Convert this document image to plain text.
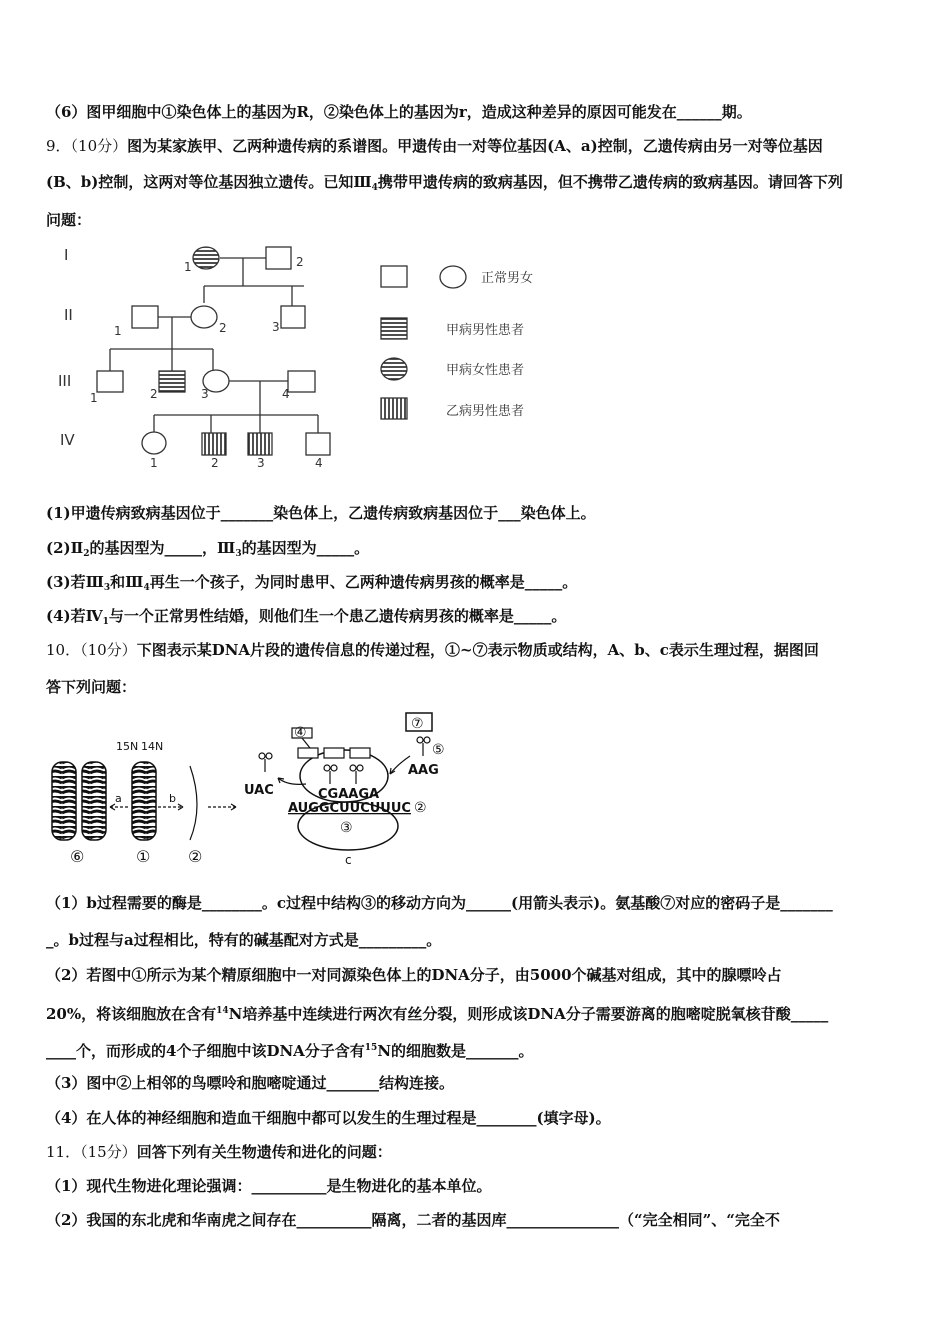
（6）图甲细胞中①染色体上的基因为R，②染色体上的基因为r，造成这种差异的原因可能发在______期。
9．（10分）图为某家族甲、乙两种遗传病的系谱图。甲遗传由一对等位基因(A、a)控制，乙遗传病由另一对等位基因
(B、b)控制，这两对等位基因独立遗传。已知$Ⅲ_4$携带甲遗传病的致病基因，但不携带乙遗传病的致病基因。请回答下列
问题：
I
II
III
IV
1	2
1	2	3
1	2	3	4
1	2	3	4
正常男女
甲病男性患者
甲病女性患者
乙病男性患者
(1)甲遗传病致病基因位于_______染色体上，乙遗传病致病基因位于___染色体上。
$(2)Ⅱ_2$的基因型为_____，$Ⅲ_3$的基因型为_____。
(3)若$Ⅲ_3$和$Ⅲ_4$再生一个孩子，为同时患甲、乙两种遗传病男孩的概率是_____。
(4)若$Ⅳ_1$与一个正常男性结婚，则他们生一个患乙遗传病男孩的概率是_____。
10．（10分）下图表示某DNA片段的遗传信息的传递过程，①~⑦表示物质或结构，A、b、c表示生理过程，据图回
答下列问题：
a	b
15N 14N
⑥	① ②
UAC	CGAAGA
AUGGCUUCUUUC
AAG
④
⑦
⑤
②
③
c
（1）b过程需要的酶是________。c过程中结构③的移动方向为______(用箭头表示)。氨基酸⑦对应的密码子是_______
_。b过程与a过程相比，特有的碱基配对方式是_________。
（2）若图中①所示为某个精原细胞中一对同源染色体上的DNA分子，由5000个碱基对组成，其中的腺嘌呤占
20%，将该细胞放在含有$^{14}$N培养基中连续进行两次有丝分裂，则形成该DNA分子需要游离的胞嘧啶脱氧核苷酸_____
____个，而形成的4个子细胞中该DNA分子含有$^{15}$N的细胞数是_______。
（3）图中②上相邻的鸟嘌呤和胞嘧啶通过_______结构连接。
（4）在人体的神经细胞和造血干细胞中都可以发生的生理过程是________(填字母)。
11．（15分）回答下列有关生物遗传和进化的问题：
（1）现代生物进化理论强调：__________是生物进化的基本单位。
（2）我国的东北虎和华南虎之间存在__________隔离，二者的基因库_______________（“完全相同”、“完全不
